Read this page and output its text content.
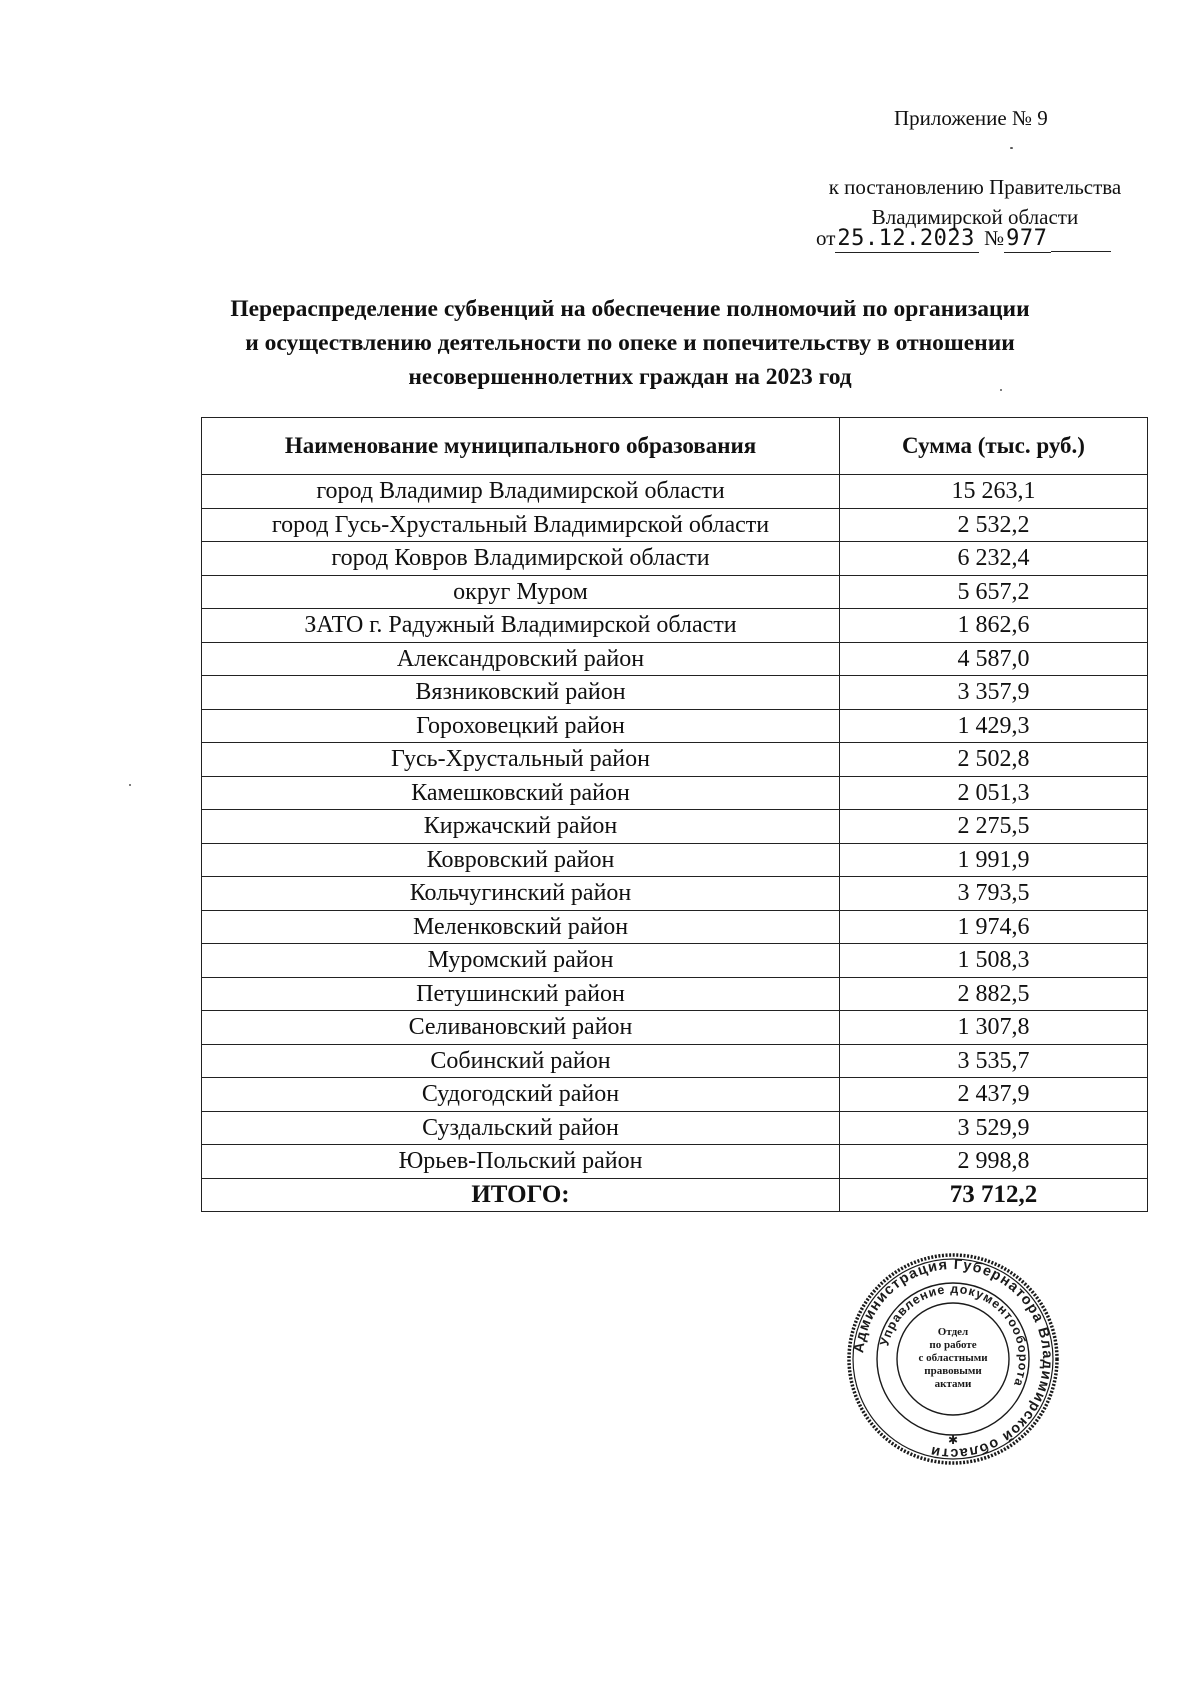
Приложение № 9
к постановлению Правительства
Владимирской области
от25.12.2023 №977
Перераспределение субвенций на обеспечение полномочий по организации
и осуществлению деятельности по опеке и попечительству в отношении
несовершеннолетних граждан на 2023 год
Наименование муниципального образования	Сумма (тыс. руб.)
город Владимир Владимирской области	15 263,1
город Гусь-Хрустальный Владимирской области	2 532,2
город Ковров Владимирской области	6 232,4
округ Муром	5 657,2
ЗАТО г. Радужный Владимирской области	1 862,6
Александровский район	4 587,0
Вязниковский район	3 357,9
Гороховецкий район	1 429,3
Гусь-Хрустальный район	2 502,8
Камешковский район	2 051,3
Киржачский район	2 275,5
Ковровский район	1 991,9
Кольчугинский район	3 793,5
Меленковский район	1 974,6
Муромский район	1 508,3
Петушинский район	2 882,5
Селивановский район	1 307,8
Собинский район	3 535,7
Судогодский район	2 437,9
Суздальский район	3 529,9
Юрьев-Польский район	2 998,8
ИТОГО:	73 712,2
Администрация Губернатора Владимирской области
Управление документооборота
Отдел
по работе
с областными
правовыми
актами
✱
